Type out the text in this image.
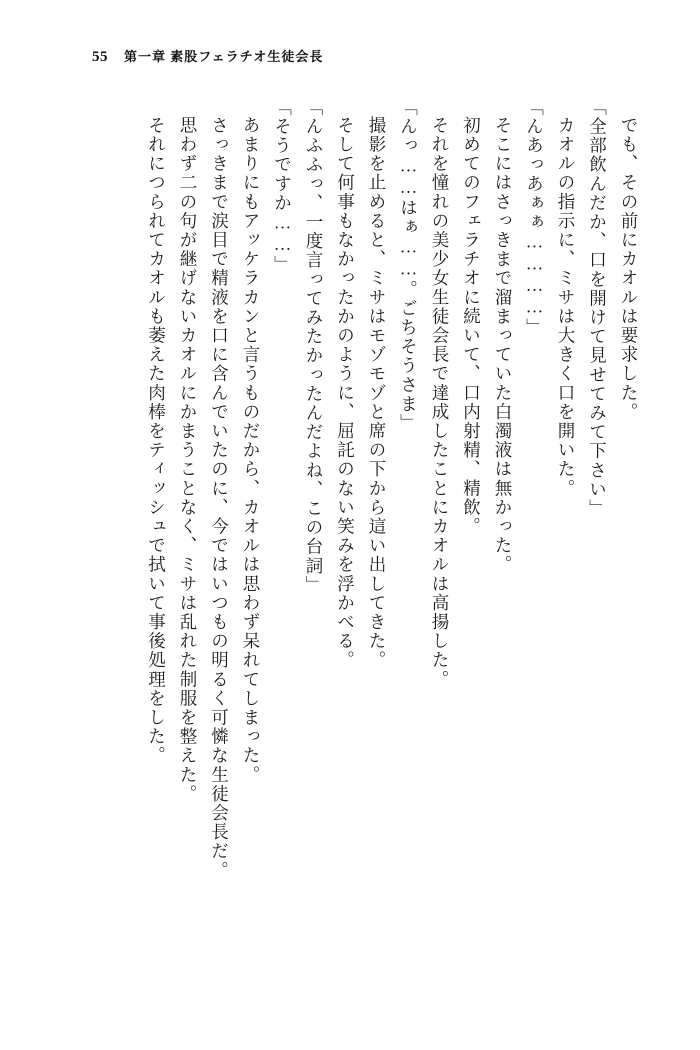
55 第一章 素股フェラチオ生徒会長

でも、その前にカオルは要求した。

「全部飲んだか、口を開けて見せてみて下さい」

カオルの指示に、ミサは大きく口を開いた。

「んあっあぁぁ…………」

そこにはさっきまで溜まっていた白濁液は無かった。

初めてのフェラチオに続いて、口内射精、精飲。

それを憧れの美少女生徒会長で達成したことにカオルは高揚した。

「んっ……はぁ……。ごちそうさま」

撮影を止めると、ミサはモゾモゾと席の下から這い出してきた。

そして何事もなかったかのように、屈託のない笑みを浮かべる。

「んふふっ、一度言ってみたかったんだよね、この台詞」

「そうですか……」

あまりにもアッケラカンと言うものだから、カオルは思わず呆れてしまった。

さっきまで涙目で精液を口に含んでいたのに、今ではいつもの明るく可憐な生徒会長だ。

思わず二の句が継げないカオルにかまうことなく、ミサは乱れた制服を整えた。

それにつられてカオルも萎えた肉棒をティッシュで拭いて事後処理をした。
